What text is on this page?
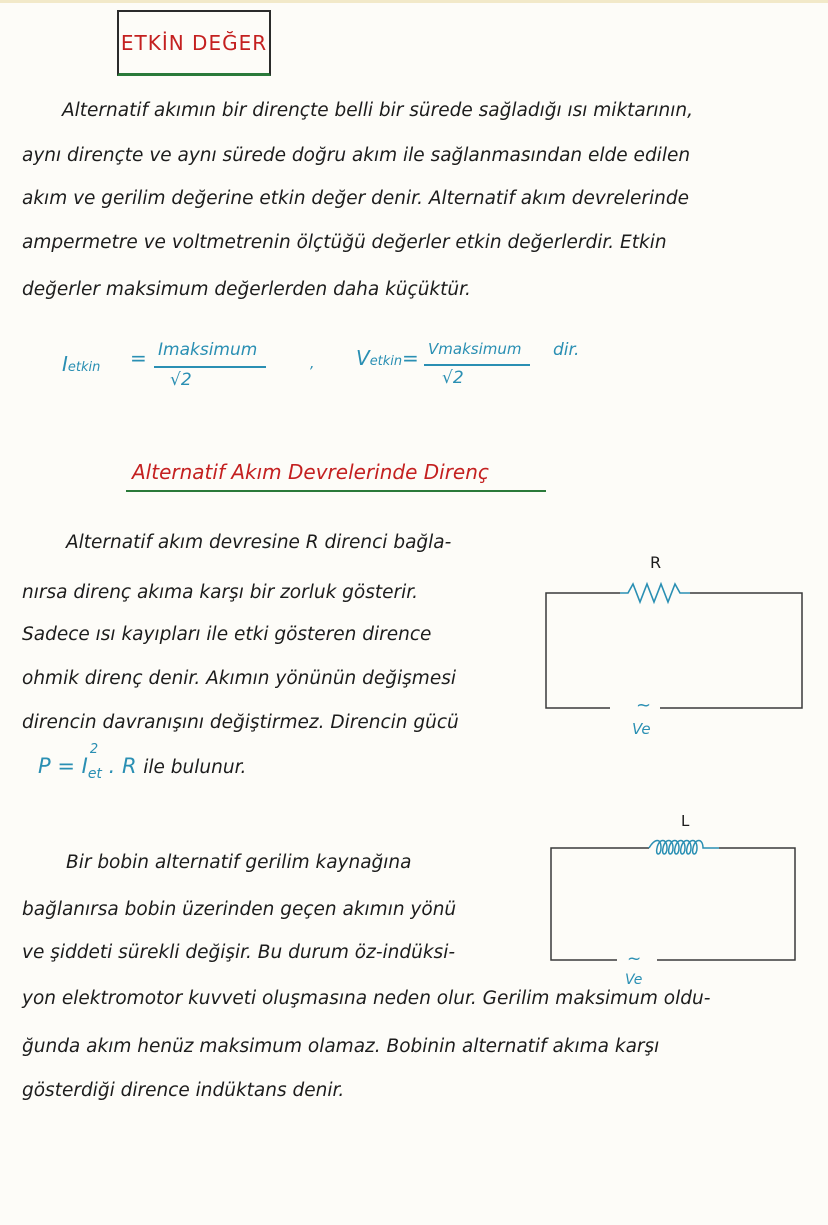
ETKİN DEĞER
Alternatif akımın bir dirençte belli bir sürede sağladığı ısı miktarının,
aynı dirençte ve aynı sürede doğru akım ile sağlanmasından elde edilen
akım ve gerilim değerine etkin değer denir. Alternatif akım devrelerinde
ampermetre ve voltmetrenin ölçtüğü değerler etkin değerlerdir. Etkin
değerler maksimum değerlerden daha küçüktür.
Ietkin = Imaksimum
√2
, Vetkin = Vmaksimum
√2
dir.
Alternatif Akım Devrelerinde Direnç
Alternatif akım devresine R direnci bağla-
nırsa direnç akıma karşı bir zorluk gösterir.
Sadece ısı kayıpları ile etki gösteren dirence
ohmik direnç denir. Akımın yönünün değişmesi
direncin davranışını değiştirmez. Direncin gücü
P = I
2
$_{et}$ . R ile bulunur.
R
~
Ve
Bir bobin alternatif gerilim kaynağına
bağlanırsa bobin üzerinden geçen akımın yönü
ve şiddeti sürekli değişir. Bu durum öz-indüksi-
yon elektromotor kuvveti oluşmasına neden olur. Gerilim maksimum oldu-
ğunda akım henüz maksimum olamaz. Bobinin alternatif akıma karşı
gösterdiği dirence indüktans denir.
L
~
Ve
